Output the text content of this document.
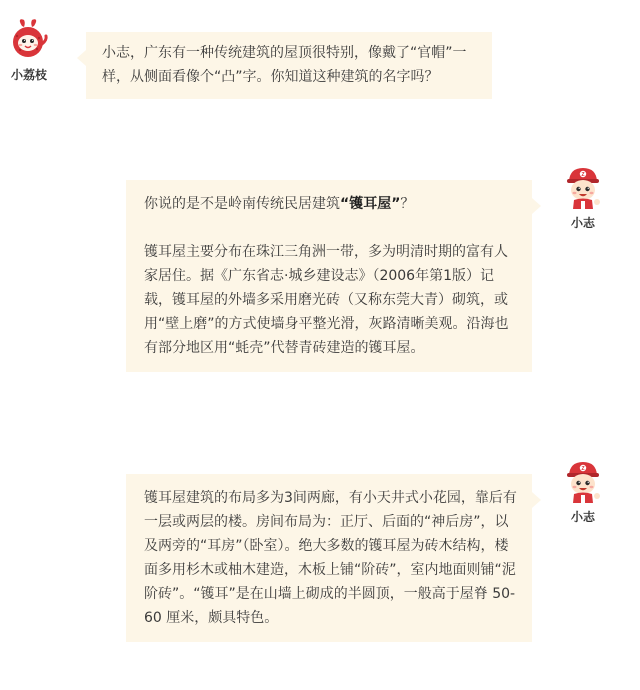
小荔枝

小志，广东有一种传统建筑的屋顶很特别，像戴了“官帽”一样，从侧面看像个“凸”字。你知道这种建筑的名字吗？

你说的是不是岭南传统民居建筑“镬耳屋”？

镬耳屋主要分布在珠江三角洲一带，多为明清时期的富有人家居住。据《广东省志·城乡建设志》（2006年第1版）记载，镬耳屋的外墙多采用磨光砖（又称东莞大青）砌筑，或用“壁上磨”的方式使墙身平整光滑，灰路清晰美观。沿海也有部分地区用“蚝壳”代替青砖建造的镬耳屋。

Z
小志

镬耳屋建筑的布局多为3间两廊，有小天井式小花园，靠后有一层或两层的楼。房间布局为：正厅、后面的“神后房”，以及两旁的“耳房”（卧室）。绝大多数的镬耳屋为砖木结构，楼面多用杉木或柚木建造，木板上铺“阶砖”，室内地面则铺“泥阶砖”。“镬耳”是在山墙上砌成的半圆顶，一般高于屋脊 50-60 厘米，颇具特色。

Z
小志
